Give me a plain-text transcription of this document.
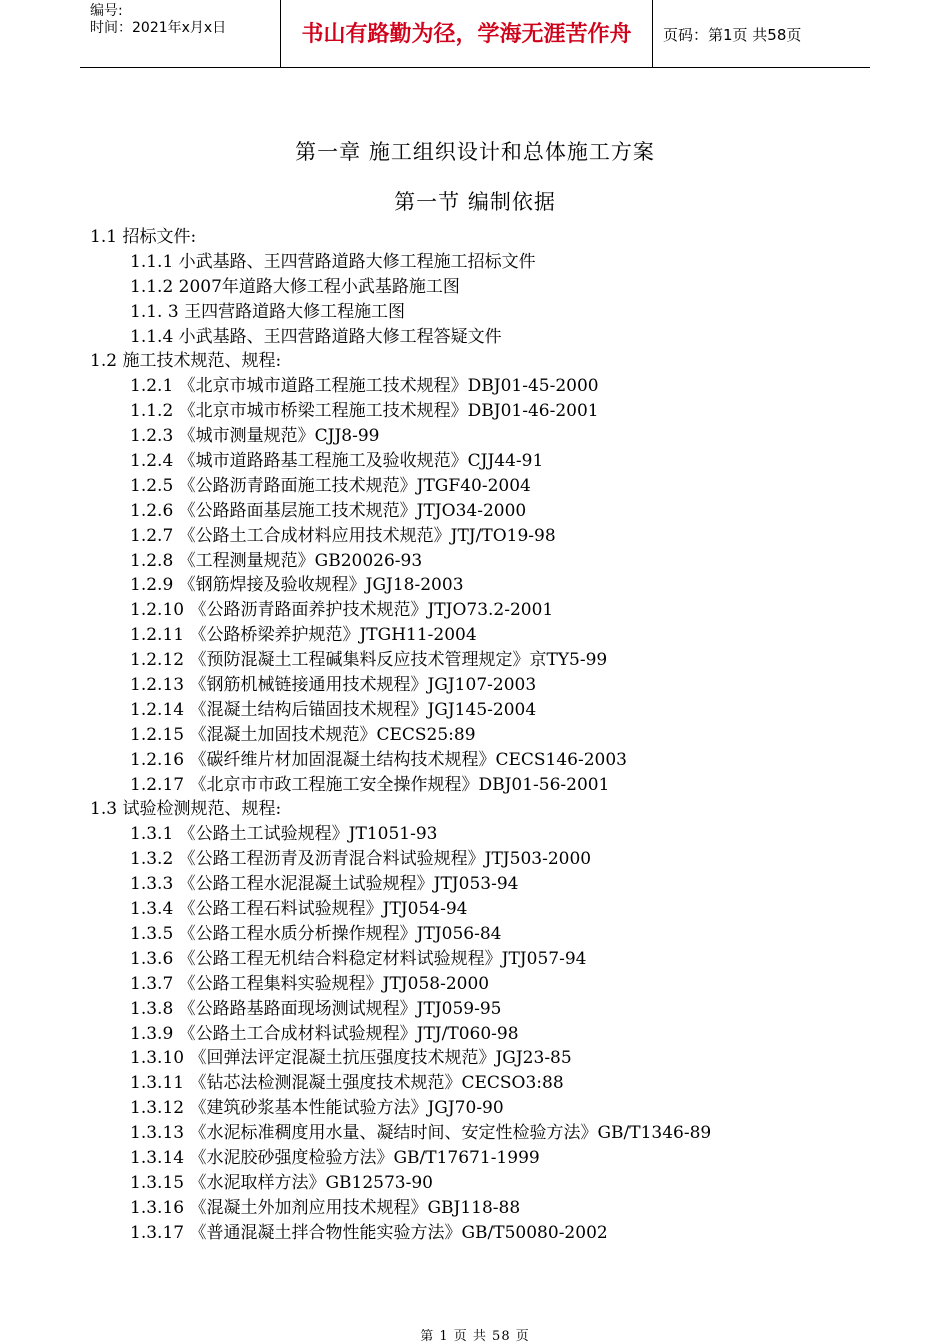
编号:
时间：2021年x月x日	书山有路勤为径，学海无涯苦作舟	页码：第1页 共58页
第一章 施工组织设计和总体施工方案
第一节 编制依据
1.1 招标文件:
1.1.1 小武基路、王四营路道路大修工程施工招标文件
1.1.2 2007年道路大修工程小武基路施工图
1.1. 3 王四营路道路大修工程施工图
1.1.4 小武基路、王四营路道路大修工程答疑文件
1.2 施工技术规范、规程:
1.2.1 《北京市城市道路工程施工技术规程》DBJ01-45-2000
1.1.2 《北京市城市桥梁工程施工技术规程》DBJ01-46-2001
1.2.3 《城市测量规范》CJJ8-99
1.2.4 《城市道路路基工程施工及验收规范》CJJ44-91
1.2.5 《公路沥青路面施工技术规范》JTGF40-2004
1.2.6 《公路路面基层施工技术规范》JTJO34-2000
1.2.7 《公路土工合成材料应用技术规范》JTJ/TO19-98
1.2.8 《工程测量规范》GB20026-93
1.2.9 《钢筋焊接及验收规程》JGJ18-2003
1.2.10 《公路沥青路面养护技术规范》JTJO73.2-2001
1.2.11 《公路桥梁养护规范》JTGH11-2004
1.2.12 《预防混凝土工程碱集料反应技术管理规定》京TY5-99
1.2.13 《钢筋机械链接通用技术规程》JGJ107-2003
1.2.14 《混凝土结构后锚固技术规程》JGJ145-2004
1.2.15 《混凝土加固技术规范》CECS25:89
1.2.16 《碳纤维片材加固混凝土结构技术规程》CECS146-2003
1.2.17 《北京市市政工程施工安全操作规程》DBJ01-56-2001
1.3 试验检测规范、规程:
1.3.1 《公路土工试验规程》JT1051-93
1.3.2 《公路工程沥青及沥青混合料试验规程》JTJ503-2000
1.3.3 《公路工程水泥混凝土试验规程》JTJ053-94
1.3.4 《公路工程石料试验规程》JTJ054-94
1.3.5 《公路工程水质分析操作规程》JTJ056-84
1.3.6 《公路工程无机结合料稳定材料试验规程》JTJ057-94
1.3.7 《公路工程集料实验规程》JTJ058-2000
1.3.8 《公路路基路面现场测试规程》JTJ059-95
1.3.9 《公路土工合成材料试验规程》JTJ/T060-98
1.3.10 《回弹法评定混凝土抗压强度技术规范》JGJ23-85
1.3.11 《钻芯法检测混凝土强度技术规范》CECSO3:88
1.3.12 《建筑砂浆基本性能试验方法》JGJ70-90
1.3.13 《水泥标准稠度用水量、凝结时间、安定性检验方法》GB/T1346-89
1.3.14 《水泥胶砂强度检验方法》GB/T17671-1999
1.3.15 《水泥取样方法》GB12573-90
1.3.16 《混凝土外加剂应用技术规程》GBJ118-88
1.3.17 《普通混凝土拌合物性能实验方法》GB/T50080-2002
第 1 页 共 58 页
